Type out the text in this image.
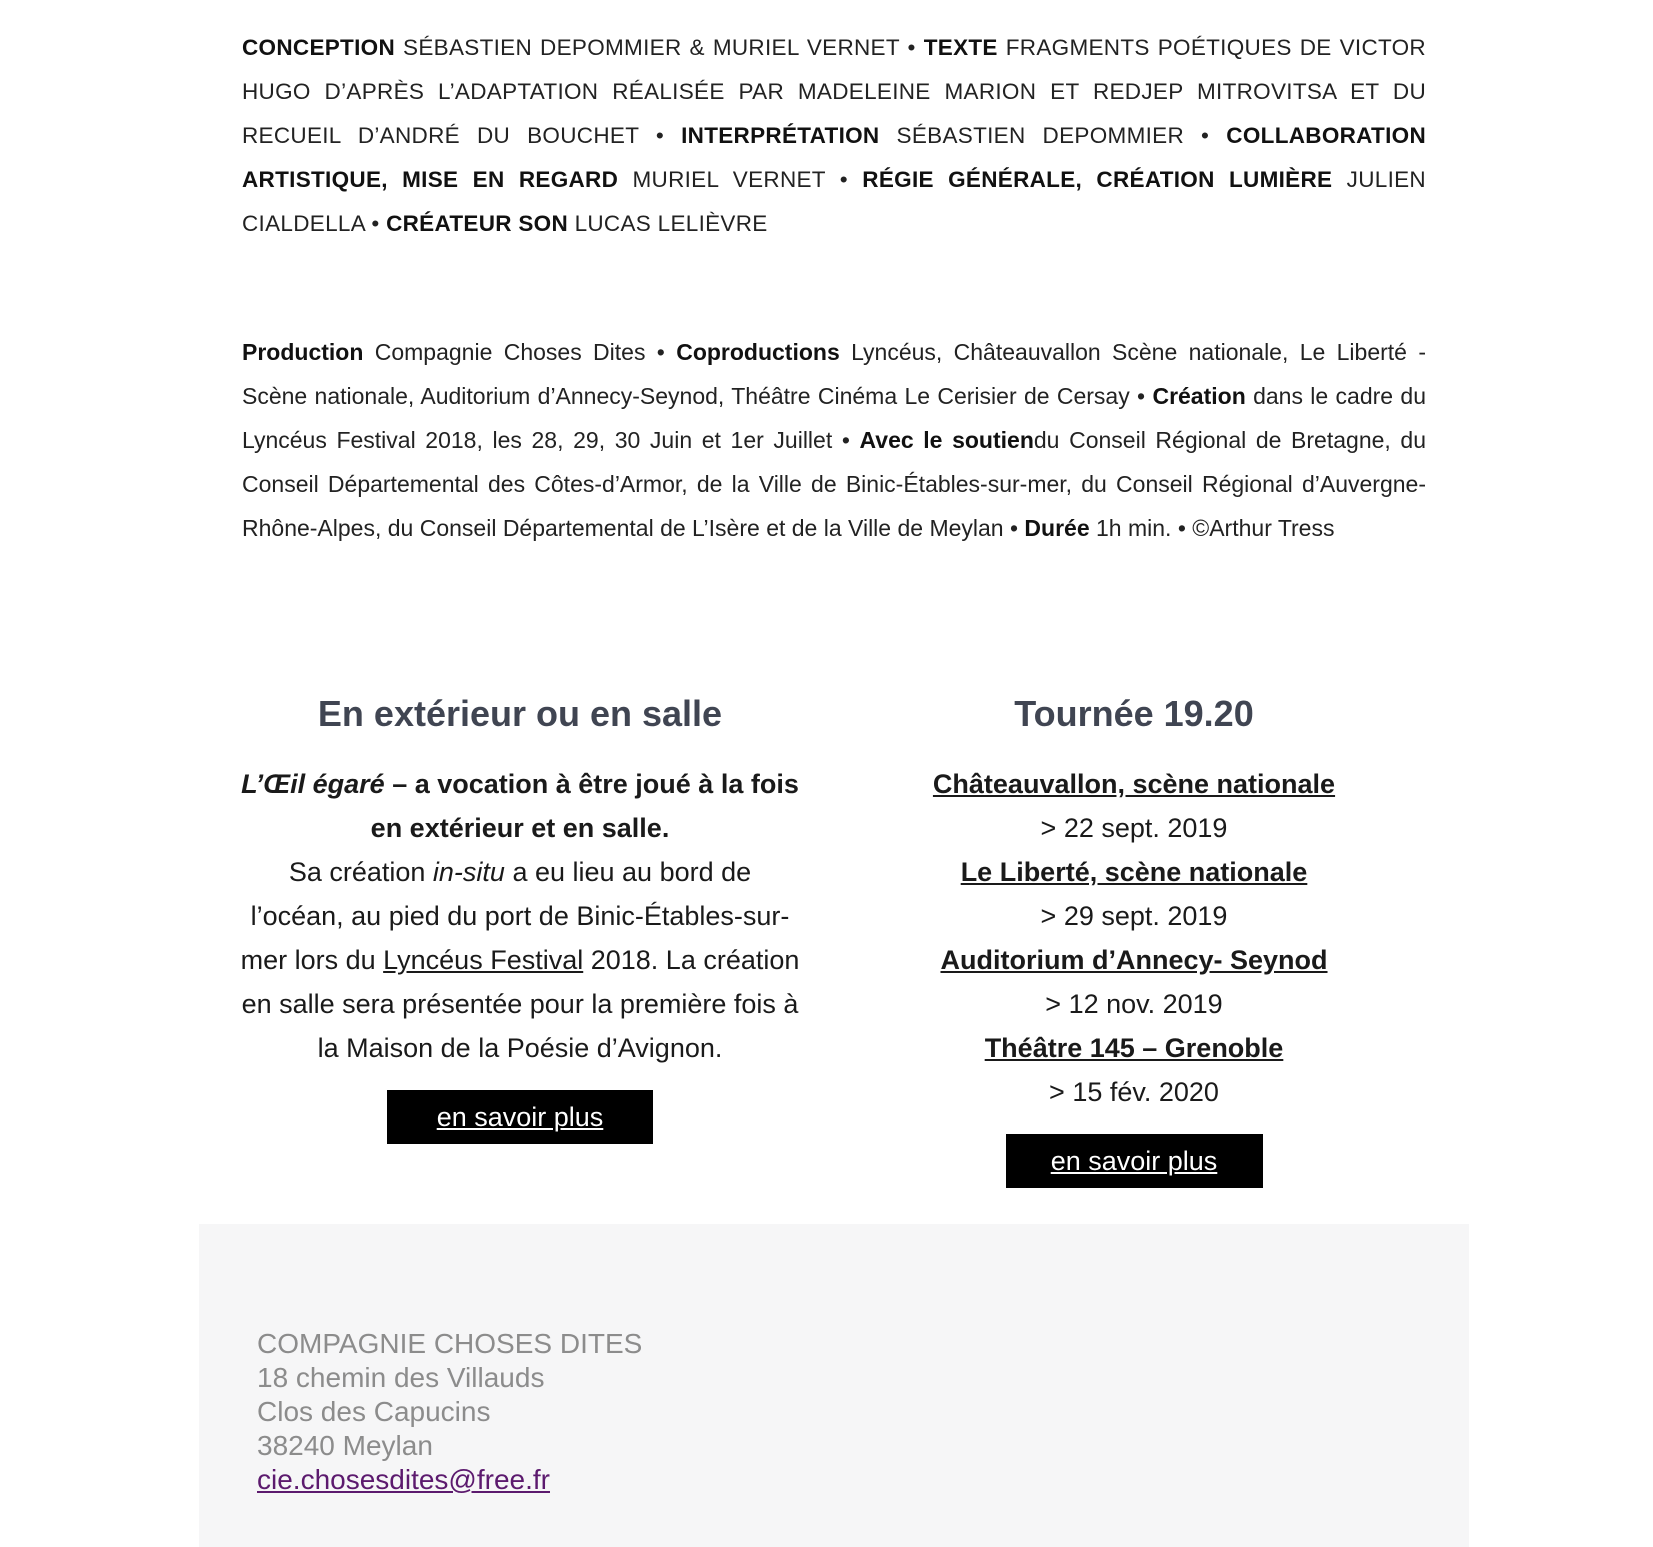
CONCEPTION SÉBASTIEN DEPOMMIER & MURIEL VERNET • TEXTE FRAGMENTS POÉTIQUES DE VICTOR HUGO D’APRÈS L’ADAPTATION RÉALISÉE PAR MADELEINE MARION ET REDJEP MITROVITSA ET DU RECUEIL D’ANDRÉ DU BOUCHET • INTERPRÉTATION SÉBASTIEN DEPOMMIER • COLLABORATION ARTISTIQUE, MISE EN REGARD MURIEL VERNET • RÉGIE GÉNÉRALE, CRÉATION LUMIÈRE JULIEN CIALDELLA • CRÉATEUR SON LUCAS LELIÈVRE
Production Compagnie Choses Dites • Coproductions Lyncéus, Châteauvallon Scène nationale, Le Liberté - Scène nationale, Auditorium d’Annecy-Seynod, Théâtre Cinéma Le Cerisier de Cersay • Création dans le cadre du Lyncéus Festival 2018, les 28, 29, 30 Juin et 1er Juillet • Avec le soutiendu Conseil Régional de Bretagne, du Conseil Départemental des Côtes-d’Armor, de la Ville de Binic-Étables-sur-mer, du Conseil Régional d’Auvergne-Rhône-Alpes, du Conseil Départemental de L’Isère et de la Ville de Meylan • Durée 1h min. • ©Arthur Tress
En extérieur ou en salle
L’Œil égaré – a vocation à être joué à la fois en extérieur et en salle.
Sa création in-situ a eu lieu au bord de l’océan, au pied du port de Binic-Étables-sur-mer lors du Lyncéus Festival 2018. La création en salle sera présentée pour la première fois à la Maison de la Poésie d’Avignon.
en savoir plus
Tournée 19.20
Châteauvallon, scène nationale
> 22 sept. 2019
Le Liberté, scène nationale
> 29 sept. 2019
Auditorium d’Annecy- Seynod
> 12 nov. 2019
Théâtre 145 – Grenoble
> 15 fév. 2020
en savoir plus
COMPAGNIE CHOSES DITES
18 chemin des Villauds
Clos des Capucins
38240 Meylan
cie.chosesdites@free.fr
